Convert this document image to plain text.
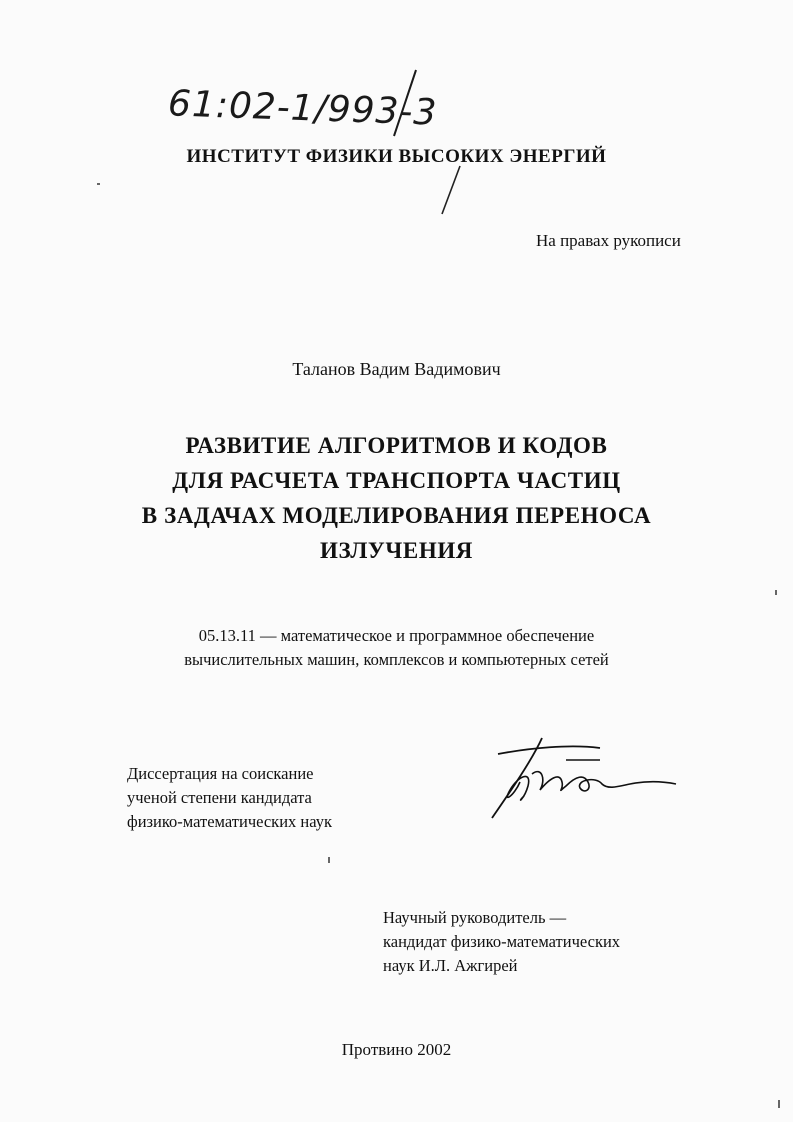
61:02-1/993-3
ИНСТИТУТ ФИЗИКИ ВЫСОКИХ ЭНЕРГИЙ
На правах рукописи
Таланов Вадим Вадимович
РАЗВИТИЕ АЛГОРИТМОВ И КОДОВ
ДЛЯ РАСЧЕТА ТРАНСПОРТА ЧАСТИЦ
В ЗАДАЧАХ МОДЕЛИРОВАНИЯ ПЕРЕНОСА
ИЗЛУЧЕНИЯ
05.13.11 — математическое и программное обеспечение
вычислительных машин, комплексов и компьютерных сетей
Диссертация на соискание
ученой степени кандидата
физико-математических наук
Научный руководитель —
кандидат физико-математических
наук И.Л. Ажгирей
Протвино 2002
